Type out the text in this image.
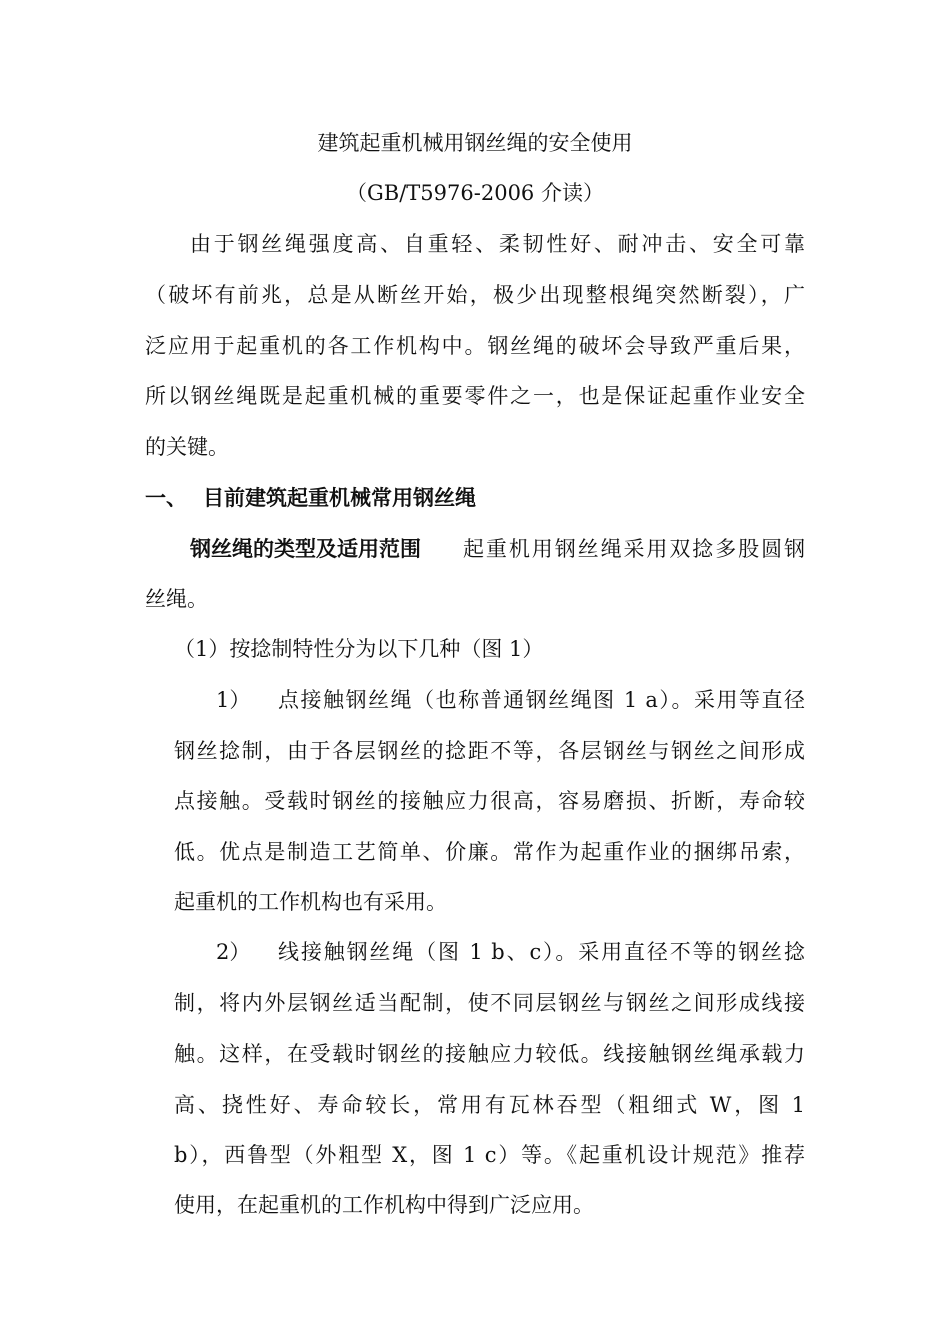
建筑起重机械用钢丝绳的安全使用
（GB/T5976-2006 介读）
由于钢丝绳强度高、自重轻、柔韧性好、耐冲击、安全可靠
（破坏有前兆，总是从断丝开始，极少出现整根绳突然断裂），广
泛应用于起重机的各工作机构中。钢丝绳的破坏会导致严重后果，
所以钢丝绳既是起重机械的重要零件之一，也是保证起重作业安全
的关键。
一、 目前建筑起重机械常用钢丝绳
钢丝绳的类型及适用范围 起重机用钢丝绳采用双捻多股圆钢
丝绳。
（1）按捻制特性分为以下几种（图 1）
1） 点接触钢丝绳（也称普通钢丝绳图 1 a）。采用等直径
钢丝捻制，由于各层钢丝的捻距不等，各层钢丝与钢丝之间形成
点接触。受载时钢丝的接触应力很高，容易磨损、折断，寿命较
低。优点是制造工艺简单、价廉。常作为起重作业的捆绑吊索，
起重机的工作机构也有采用。
2） 线接触钢丝绳（图 1 b、c）。采用直径不等的钢丝捻
制，将内外层钢丝适当配制，使不同层钢丝与钢丝之间形成线接
触。这样，在受载时钢丝的接触应力较低。线接触钢丝绳承载力
高、挠性好、寿命较长，常用有瓦林吞型（粗细式 W，图 1
b），西鲁型（外粗型 X，图 1 c）等。《起重机设计规范》推荐
使用，在起重机的工作机构中得到广泛应用。
